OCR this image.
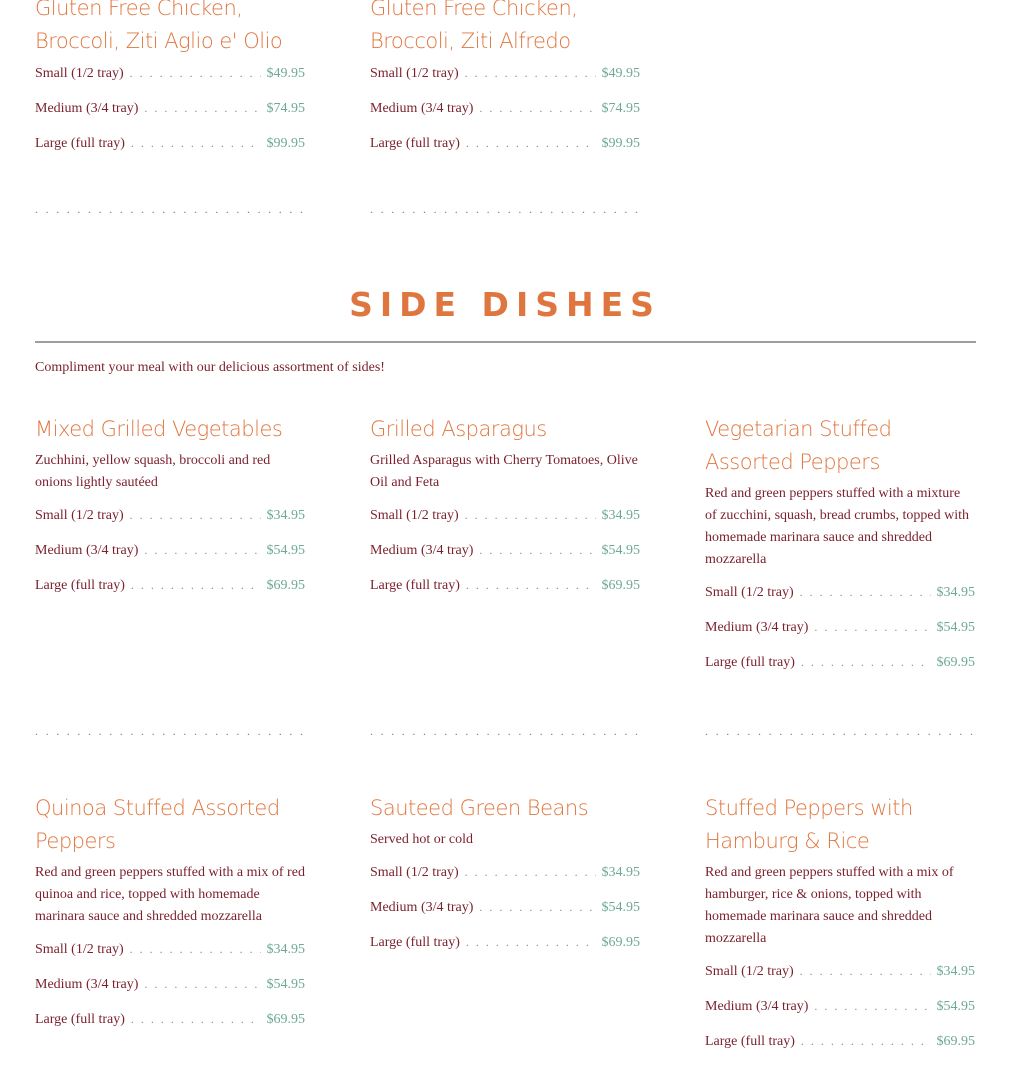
Gluten Free Chicken, Broccoli, Ziti Aglio e' Olio
Small (1/2 tray) . . .	$49.95
Medium (3/4 tray) . . .	$74.95
Large (full tray) . . .	$99.95
Gluten Free Chicken, Broccoli, Ziti Alfredo
Small (1/2 tray) . . .	$49.95
Medium (3/4 tray) . . .	$74.95
Large (full tray) . . .	$99.95
. . .
. . .
SIDE DISHES

Compliment your meal with our delicious assortment of sides!

Mixed Grilled Vegetables

Zuchhini, yellow squash, broccoli and red onions lightly sautéed

Small (1/2 tray) . . .	$34.95
Medium (3/4 tray) . . .	$54.95
Large (full tray) . . .	$69.95
Grilled Asparagus

Grilled Asparagus with Cherry Tomatoes, Olive Oil and Feta

Small (1/2 tray) . . .	$34.95
Medium (3/4 tray) . . .	$54.95
Large (full tray) . . .	$69.95
Vegetarian Stuffed Assorted Peppers

Red and green peppers stuffed with a mixture of zucchini, squash, bread crumbs, topped with homemade marinara sauce and shredded mozzarella

Small (1/2 tray) . . .	$34.95
Medium (3/4 tray) . . .	$54.95
Large (full tray) . . .	$69.95
. . .
. . .
. . .
Quinoa Stuffed Assorted Peppers

Red and green peppers stuffed with a mix of red quinoa and rice, topped with homemade marinara sauce and shredded mozzarella

Small (1/2 tray) . . .	$34.95
Medium (3/4 tray) . . .	$54.95
Large (full tray) . . .	$69.95
Sauteed Green Beans

Served hot or cold

Small (1/2 tray) . . .	$34.95
Medium (3/4 tray) . . .	$54.95
Large (full tray) . . .	$69.95
Stuffed Peppers with Hamburg & Rice

Red and green peppers stuffed with a mix of hamburger, rice & onions, topped with homemade marinara sauce and shredded mozzarella

Small (1/2 tray) . . .	$34.95
Medium (3/4 tray) . . .	$54.95
Large (full tray) . . .	$69.95
